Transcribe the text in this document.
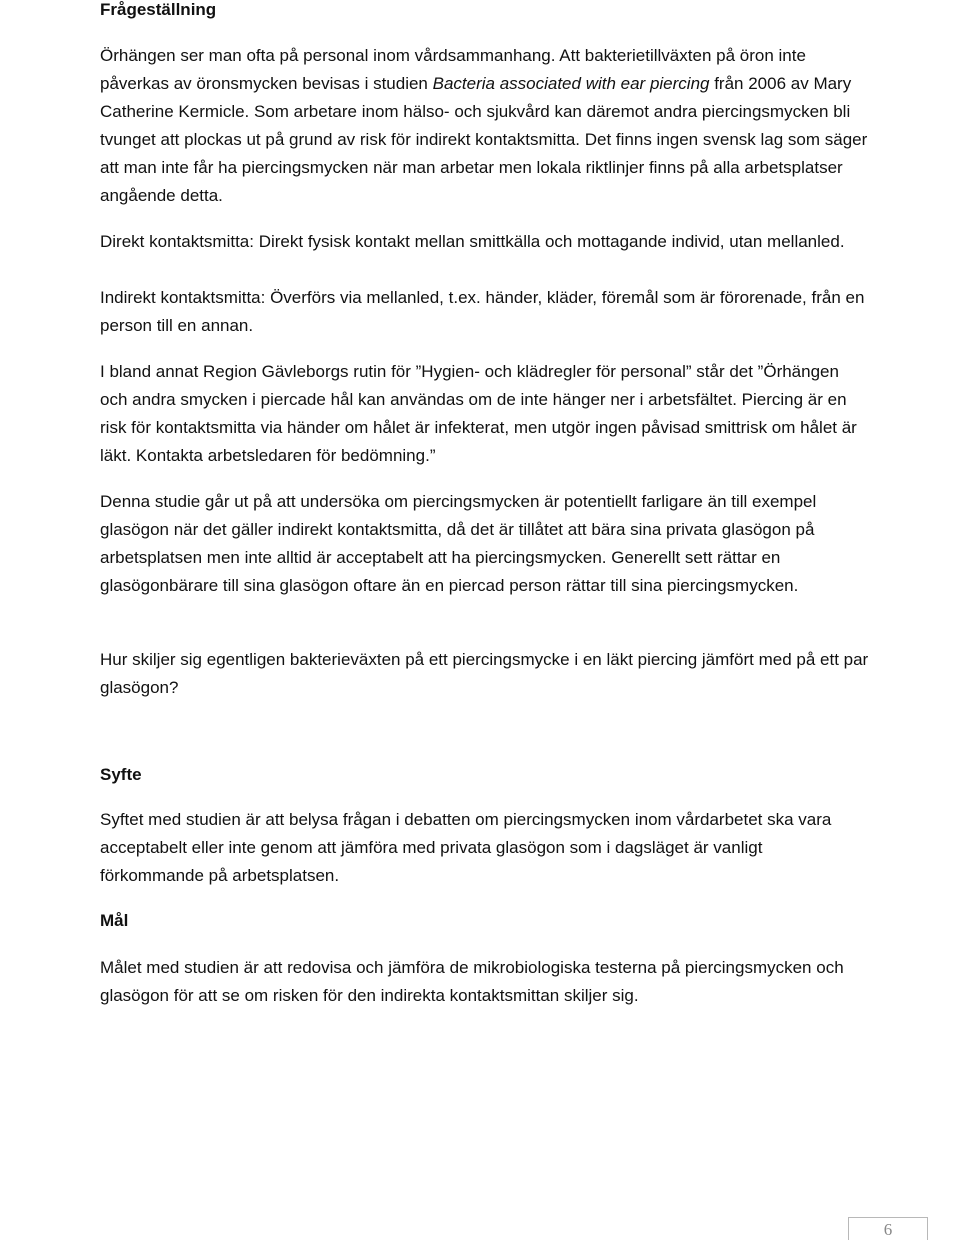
Frågeställning

Örhängen ser man ofta på personal inom vårdsammanhang. Att bakterietillväxten på öron inte påverkas av öronsmycken bevisas i studien Bacteria associated with ear piercing från 2006 av Mary Catherine Kermicle. Som arbetare inom hälso- och sjukvård kan däremot andra piercingsmycken bli tvunget att plockas ut på grund av risk för indirekt kontaktsmitta. Det finns ingen svensk lag som säger att man inte får ha piercingsmycken när man arbetar men lokala riktlinjer finns på alla arbetsplatser angående detta.

Direkt kontaktsmitta: Direkt fysisk kontakt mellan smittkälla och mottagande individ, utan mellanled.

Indirekt kontaktsmitta: Överförs via mellanled, t.ex. händer, kläder, föremål som är förorenade, från en person till en annan.

I bland annat Region Gävleborgs rutin för ”Hygien- och klädregler för personal” står det ”Örhängen och andra smycken i piercade hål kan användas om de inte hänger ner i arbetsfältet. Piercing är en risk för kontaktsmitta via händer om hålet är infekterat, men utgör ingen påvisad smittrisk om hålet är läkt. Kontakta arbetsledaren för bedömning.”

Denna studie går ut på att undersöka om piercingsmycken är potentiellt farligare än till exempel glasögon när det gäller indirekt kontaktsmitta, då det är tillåtet att bära sina privata glasögon på arbetsplatsen men inte alltid är acceptabelt att ha piercingsmycken. Generellt sett rättar en glasögonbärare till sina glasögon oftare än en piercad person rättar till sina piercingsmycken.

Hur skiljer sig egentligen bakterieväxten på ett piercingsmycke i en läkt piercing jämfört med på ett par glasögon?

Syfte

Syftet med studien är att belysa frågan i debatten om piercingsmycken inom vårdarbetet ska vara acceptabelt eller inte genom att jämföra med privata glasögon som i dagsläget är vanligt förkommande på arbetsplatsen.

Mål

Målet med studien är att redovisa och jämföra de mikrobiologiska testerna på piercingsmycken och glasögon för att se om risken för den indirekta kontaktsmittan skiljer sig.

6
